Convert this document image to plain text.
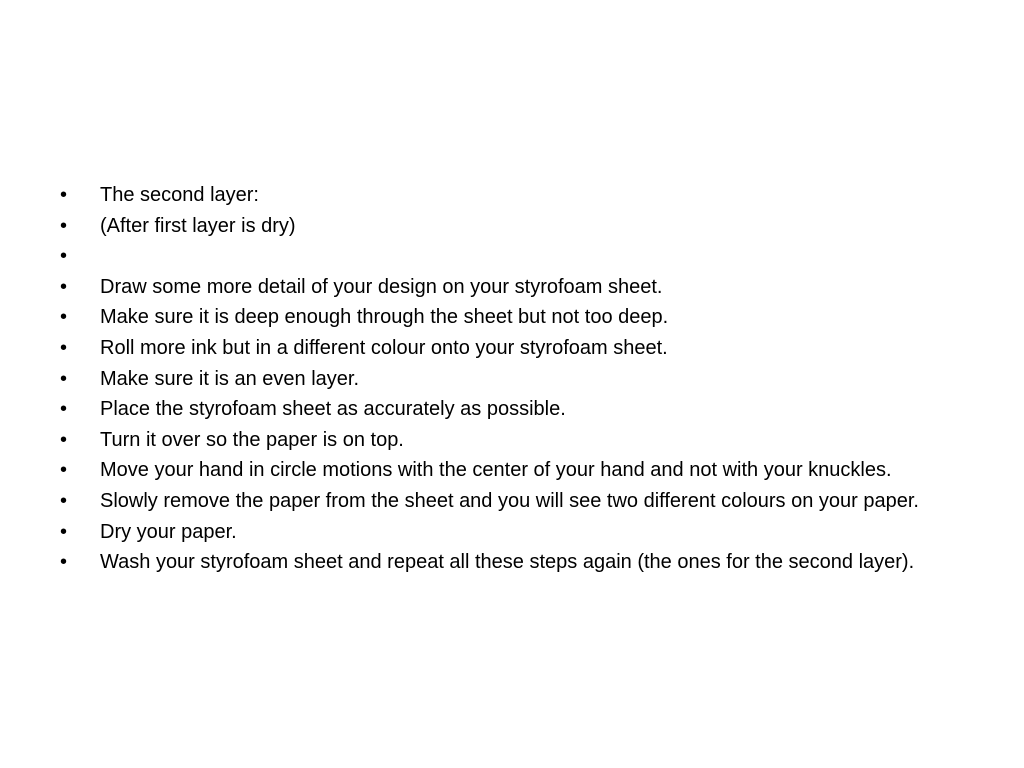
•	The second layer:
•	(After first layer is dry)
•
•	Draw some more detail of your design on your styrofoam sheet.
•	Make sure it is deep enough through the sheet but not too deep.
•	Roll more ink but in a different colour onto your styrofoam sheet.
•	Make sure it is an even layer.
•	Place the styrofoam sheet as accurately as possible.
•	Turn it over so the paper is on top.
•	Move your hand in circle motions with the center of your hand and not with your knuckles.
•	Slowly remove the paper from the sheet and you will see two different colours on your paper.
•	Dry your paper.
•	Wash your styrofoam sheet and repeat all these steps again (the ones for the second layer).
